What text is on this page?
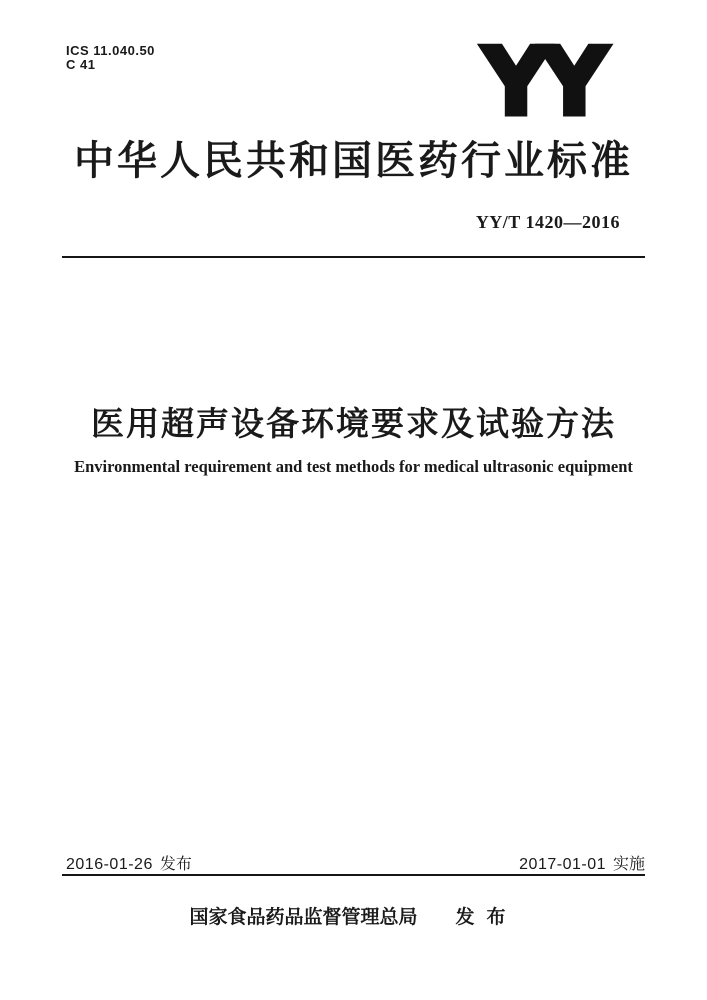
ICS 11.040.50
C 41	YY
中华人民共和国医药行业标准
YY/T 1420—2016
医用超声设备环境要求及试验方法
Environmental requirement and test methods for medical ultrasonic equipment
2016-01-26 发布	2017-01-01 实施
国家食品药品监督管理总局 发布
